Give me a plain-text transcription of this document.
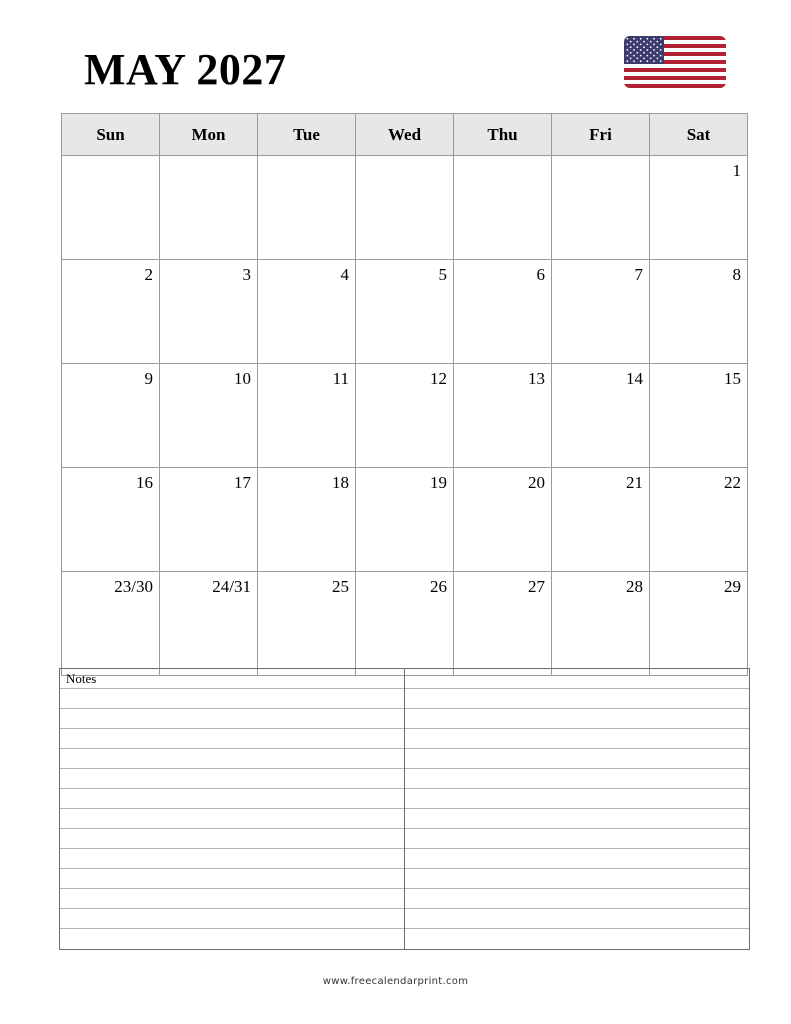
MAY 2027
Sun	Mon	Tue	Wed	Thu	Fri	Sat
						1
2	3	4	5	6	7	8
9	10	11	12	13	14	15
16	17	18	19	20	21	22
23/30	24/31	25	26	27	28	29
Notes
www.freecalendarprint.com
